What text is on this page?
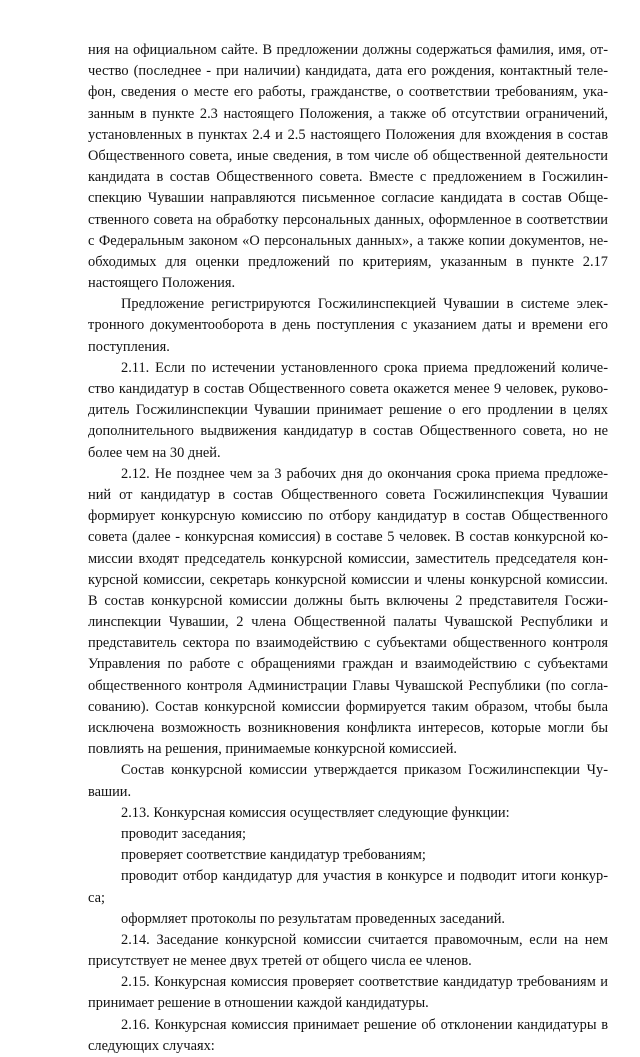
ния на официальном сайте. В предложении должны содержаться фамилия, имя, от-
чество (последнее - при наличии) кандидата, дата его рождения, контактный теле-
фон, сведения о месте его работы, гражданстве, о соответствии требованиям, ука-
занным в пункте 2.3 настоящего Положения, а также об отсутствии ограничений,
установленных в пунктах 2.4 и 2.5 настоящего Положения для вхождения в состав
Общественного совета, иные сведения, в том числе об общественной деятельности
кандидата в состав Общественного совета. Вместе с предложением в Госжилин-
спекцию Чувашии направляются письменное согласие кандидата в состав Обще-
ственного совета на обработку персональных данных, оформленное в соответствии
с Федеральным законом «О персональных данных», а также копии документов, не-
обходимых для оценки предложений по критериям, указанным в пункте 2.17
настоящего Положения.
Предложение регистрируются Госжилинспекцией Чувашии в системе элек-
тронного документооборота в день поступления с указанием даты и времени его
поступления.
2.11. Если по истечении установленного срока приема предложений количе-
ство кандидатур в состав Общественного совета окажется менее 9 человек, руково-
дитель Госжилинспекции Чувашии принимает решение о его продлении в целях
дополнительного выдвижения кандидатур в состав Общественного совета, но не
более чем на 30 дней.
2.12. Не позднее чем за 3 рабочих дня до окончания срока приема предложе-
ний от кандидатур в состав Общественного совета Госжилинспекция Чувашии
формирует конкурсную комиссию по отбору кандидатур в состав Общественного
совета (далее - конкурсная комиссия) в составе 5 человек. В состав конкурсной ко-
миссии входят председатель конкурсной комиссии, заместитель председателя кон-
курсной комиссии, секретарь конкурсной комиссии и члены конкурсной комиссии.
В состав конкурсной комиссии должны быть включены 2 представителя Госжи-
линспекции Чувашии, 2 члена Общественной палаты Чувашской Республики и
представитель сектора по взаимодействию с субъектами общественного контроля
Управления по работе с обращениями граждан и взаимодействию с субъектами
общественного контроля Администрации Главы Чувашской Республики (по согла-
сованию). Состав конкурсной комиссии формируется таким образом, чтобы была
исключена возможность возникновения конфликта интересов, которые могли бы
повлиять на решения, принимаемые конкурсной комиссией.
Состав конкурсной комиссии утверждается приказом Госжилинспекции Чу-
вашии.
2.13. Конкурсная комиссия осуществляет следующие функции:
проводит заседания;
проверяет соответствие кандидатур требованиям;
проводит отбор кандидатур для участия в конкурсе и подводит итоги конкур-
са;
оформляет протоколы по результатам проведенных заседаний.
2.14. Заседание конкурсной комиссии считается правомочным, если на нем
присутствует не менее двух третей от общего числа ее членов.
2.15. Конкурсная комиссия проверяет соответствие кандидатур требованиям и
принимает решение в отношении каждой кандидатуры.
2.16. Конкурсная комиссия принимает решение об отклонении кандидатуры в
следующих случаях:
